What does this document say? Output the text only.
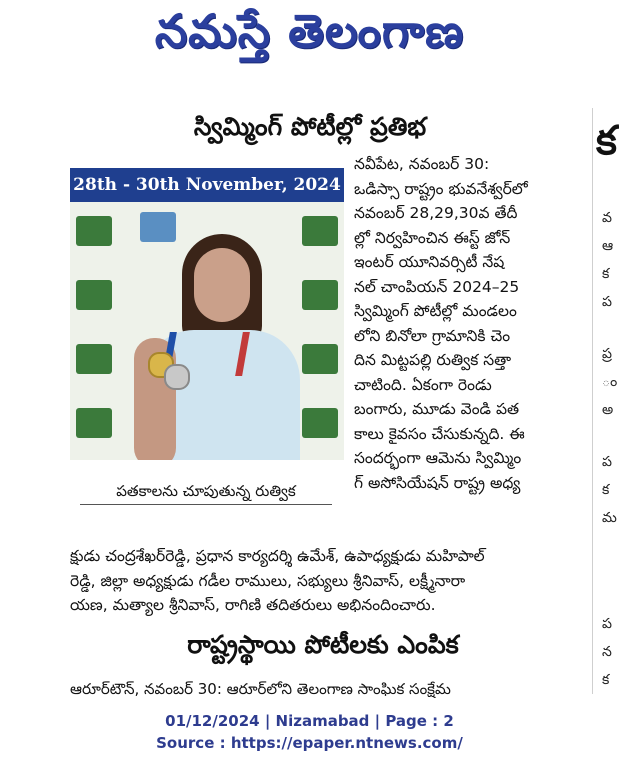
నమస్తే తెలంగాణ
స్విమ్మింగ్ పోటీల్లో ప్రతిభ
28th - 30th November, 2024
పతకాలను చూపుతున్న రుత్విక
నవీపేట, నవంబర్ 30:
ఒడిస్సా రాష్ట్రం భువనేశ్వర్‌లో
నవంబర్ 28,29,30వ తేదీ
ల్లో నిర్వహించిన ఈస్ట్ జోన్
ఇంటర్ యూనివర్సిటీ నేష
నల్ చాంపియన్ 2024–25
స్విమ్మింగ్ పోటీల్లో మండలం
లోని బినోలా గ్రామానికి చెం
దిన మిట్టపల్లి రుత్విక సత్తా
చాటింది. ఏకంగా రెండు
బంగారు, మూడు వెండి పత
కాలు కైవసం చేసుకున్నది. ఈ
సందర్భంగా ఆమెను స్విమ్మిం
గ్ అసోసియేషన్ రాష్ట్ర అధ్య
క్షుడు చంద్రశేఖర్‌రెడ్డి, ప్రధాన కార్యదర్శి ఉమేశ్, ఉపాధ్యక్షుడు మహిపాల్
రెడ్డి, జిల్లా అధ్యక్షుడు గడీల రాములు, సభ్యులు శ్రీనివాస్, లక్ష్మీనారా
యణ, మత్యాల శ్రీనివాస్, రాగిణి తదితరులు అభినందించారు.
రాష్ట్రస్థాయి పోటీలకు ఎంపిక
ఆరూర్‌టౌన్, నవంబర్ 30: ఆరూర్‌లోని తెలంగాణ సాంఘిక సంక్షేమ
క
వ
ఆ
క
ప
ప్ర
ం
అ
ప
క
మ
ప
న
క
01/12/2024 | Nizamabad | Page : 2
Source : https://epaper.ntnews.com/
